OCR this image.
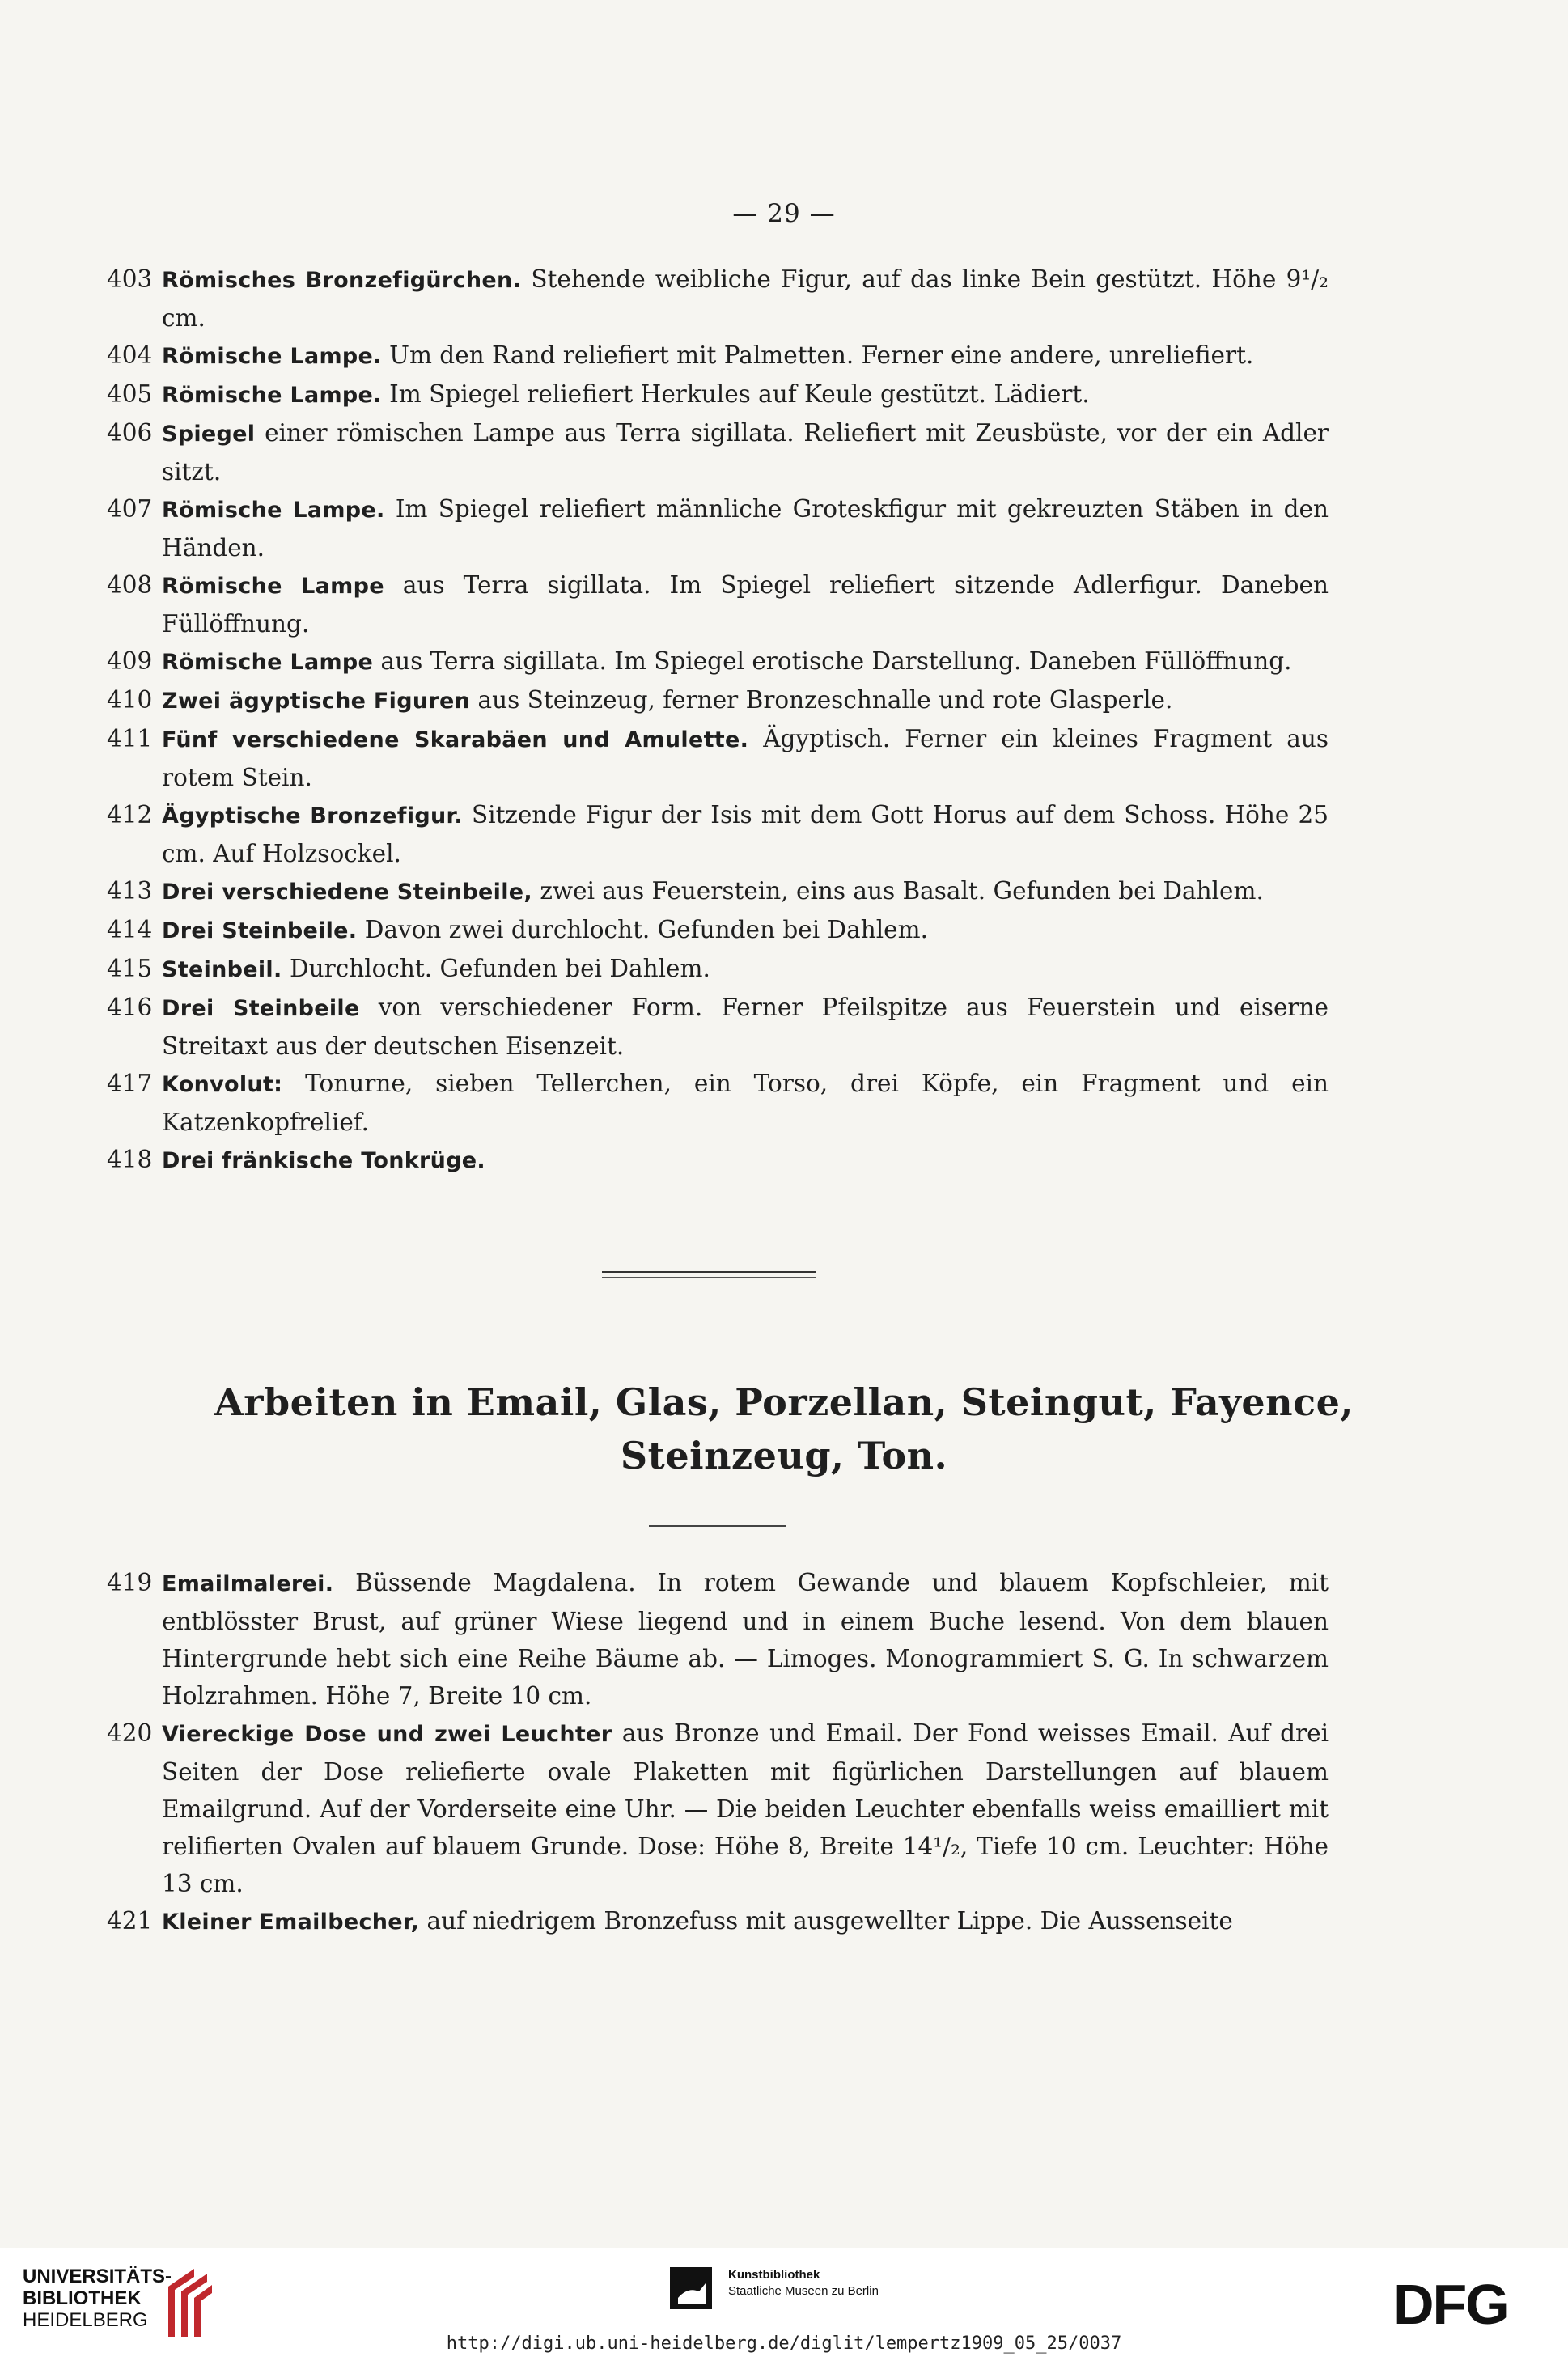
— 29 —
403 Römisches Bronzefigürchen. Stehende weibliche Figur, auf das linke Bein gestützt. Höhe 9¹/₂ cm.
404 Römische Lampe. Um den Rand reliefiert mit Palmetten. Ferner eine andere, unreliefiert.
405 Römische Lampe. Im Spiegel reliefiert Herkules auf Keule gestützt. Lädiert.
406 Spiegel einer römischen Lampe aus Terra sigillata. Reliefiert mit Zeusbüste, vor der ein Adler sitzt.
407 Römische Lampe. Im Spiegel reliefiert männliche Groteskfigur mit gekreuzten Stäben in den Händen.
408 Römische Lampe aus Terra sigillata. Im Spiegel reliefiert sitzende Adlerfigur. Daneben Füllöffnung.
409 Römische Lampe aus Terra sigillata. Im Spiegel erotische Darstellung. Daneben Füllöffnung.
410 Zwei ägyptische Figuren aus Steinzeug, ferner Bronzeschnalle und rote Glasperle.
411 Fünf verschiedene Skarabäen und Amulette. Ägyptisch. Ferner ein kleines Fragment aus rotem Stein.
412 Ägyptische Bronzefigur. Sitzende Figur der Isis mit dem Gott Horus auf dem Schoss. Höhe 25 cm. Auf Holzsockel.
413 Drei verschiedene Steinbeile, zwei aus Feuerstein, eins aus Basalt. Gefunden bei Dahlem.
414 Drei Steinbeile. Davon zwei durchlocht. Gefunden bei Dahlem.
415 Steinbeil. Durchlocht. Gefunden bei Dahlem.
416 Drei Steinbeile von verschiedener Form. Ferner Pfeilspitze aus Feuerstein und eiserne Streitaxt aus der deutschen Eisenzeit.
417 Konvolut: Tonurne, sieben Tellerchen, ein Torso, drei Köpfe, ein Fragment und ein Katzenkopfrelief.
418 Drei fränkische Tonkrüge.
Arbeiten in Email, Glas, Porzellan, Steingut, Fayence,
Steinzeug, Ton.
419 Emailmalerei. Büssende Magdalena. In rotem Gewande und blauem Kopfschleier, mit entblösster Brust, auf grüner Wiese liegend und in einem Buche lesend. Von dem blauen Hintergrunde hebt sich eine Reihe Bäume ab. — Limoges. Monogrammiert S. G. In schwarzem Holzrahmen. Höhe 7, Breite 10 cm.
420 Viereckige Dose und zwei Leuchter aus Bronze und Email. Der Fond weisses Email. Auf drei Seiten der Dose reliefierte ovale Plaketten mit figürlichen Darstellungen auf blauem Emailgrund. Auf der Vorderseite eine Uhr. — Die beiden Leuchter ebenfalls weiss emailliert mit relifierten Ovalen auf blauem Grunde. Dose: Höhe 8, Breite 14¹/₂, Tiefe 10 cm. Leuchter: Höhe 13 cm.
421 Kleiner Emailbecher, auf niedrigem Bronzefuss mit ausgewellter Lippe. Die Aussenseite
UNIVERSITÄTS-
BIBLIOTHEK
HEIDELBERG
Kunstbibliothek
Staatliche Museen zu Berlin	DFG
http://digi.ub.uni-heidelberg.de/diglit/lempertz1909_05_25/0037
